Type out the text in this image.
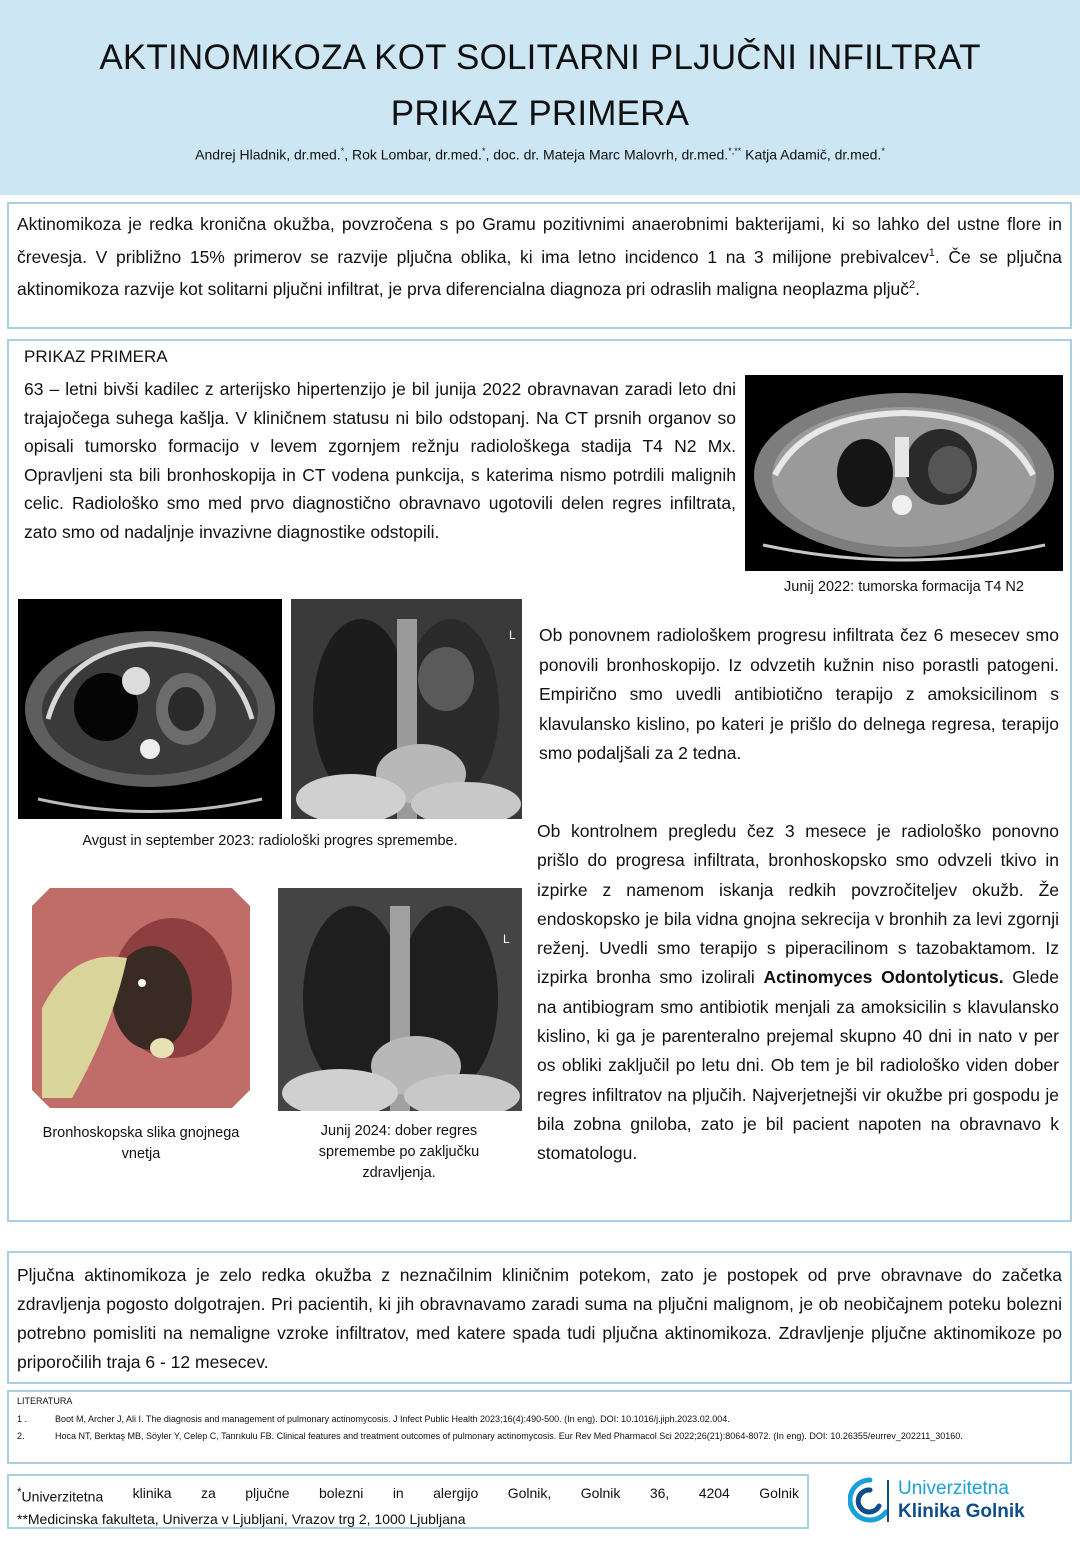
AKTINOMIKOZA KOT SOLITARNI PLJUČNI INFILTRAT
PRIKAZ PRIMERA
Andrej Hladnik, dr.med.*, Rok Lombar, dr.med.*, doc. dr. Mateja Marc Malovrh, dr.med.*,** Katja Adamič, dr.med.*
Aktinomikoza je redka kronična okužba, povzročena s po Gramu pozitivnimi anaerobnimi bakterijami, ki so lahko del ustne flore in črevesja. V približno 15% primerov se razvije pljučna oblika, ki ima letno incidenco 1 na 3 milijone prebivalcev$^1$. Če se pljučna aktinomikoza razvije kot solitarni pljučni infiltrat, je prva diferencialna diagnoza pri odraslih maligna neoplazma pljuč$^2$.
PRIKAZ PRIMERA
63 – letni bivši kadilec z arterijsko hipertenzijo je bil junija 2022 obravnavan zaradi leto dni trajajočega suhega kašlja. V kliničnem statusu ni bilo odstopanj. Na CT prsnih organov so opisali tumorsko formacijo v levem zgornjem režnju radiološkega stadija T4 N2 Mx. Opravljeni sta bili bronhoskopija in CT vodena punkcija, s katerima nismo potrdili malignih celic. Radiološko smo med prvo diagnostično obravnavo ugotovili delen regres infiltrata, zato smo od nadaljnje invazivne diagnostike odstopili.
Junij 2022: tumorska formacija T4 N2
L
Avgust in september 2023: radiološki progres spremembe.
Ob ponovnem radiološkem progresu infiltrata čez 6 mesecev smo ponovili bronhoskopijo. Iz odvzetih kužnin niso porastli patogeni. Empirično smo uvedli antibiotično terapijo z amoksicilinom s klavulansko kislino, po kateri je prišlo do delnega regresa, terapijo smo podaljšali za 2 tedna.
Ob kontrolnem pregledu čez 3 mesece je radiološko ponovno prišlo do progresa infiltrata, bronhoskopsko smo odvzeli tkivo in izpirke z namenom iskanja redkih povzročiteljev okužb. Že endoskopsko je bila vidna gnojna sekrecija v bronhih za levi zgornji reženj. Uvedli smo terapijo s piperacilinom s tazobaktamom. Iz izpirka bronha smo izolirali Actinomyces Odontolyticus. Glede na antibiogram smo antibiotik menjali za amoksicilin s klavulansko kislino, ki ga je parenteralno prejemal skupno 40 dni in nato v per os obliki zaključil po letu dni. Ob tem je bil radiološko viden dober regres infiltratov na pljučih. Najverjetnejši vir okužbe pri gospodu je bila zobna gniloba, zato je bil pacient napoten na obravnavo k stomatologu.
Bronhoskopska slika gnojnega vnetja
L
Junij 2024: dober regres spremembe po zaključku zdravljenja.
Pljučna aktinomikoza je zelo redka okužba z neznačilnim kliničnim potekom, zato je postopek od prve obravnave do začetka zdravljenja pogosto dolgotrajen. Pri pacientih, ki jih obravnavamo zaradi suma na pljučni malignom, je ob neobičajnem poteku bolezni potrebno pomisliti na nemaligne vzroke infiltratov, med katere spada tudi pljučna aktinomikoza. Zdravljenje pljučne aktinomikoze po priporočilih traja 6 - 12 mesecev.
LITERATURA
1 .	Boot M, Archer J, Ali I. The diagnosis and management of pulmonary actinomycosis. J Infect Public Health 2023;16(4):490-500. (In eng). DOI: 10.1016/j.jiph.2023.02.004.
2.	Hoca NT, Berktaş MB, Söyler Y, Celep C, Tanrıkulu FB. Clinical features and treatment outcomes of pulmonary actinomycosis. Eur Rev Med Pharmacol Sci 2022;26(21):8064-8072. (In eng). DOI: 10.26355/eurrev_202211_30160.
*Univerzitetna klinika za pljučne bolezni in alergijo Golnik, Golnik 36, 4204 Golnik
**Medicinska fakulteta, Univerza v Ljubljani, Vrazov trg 2, 1000 Ljubljana
Univerzitetna
Klinika Golnik
